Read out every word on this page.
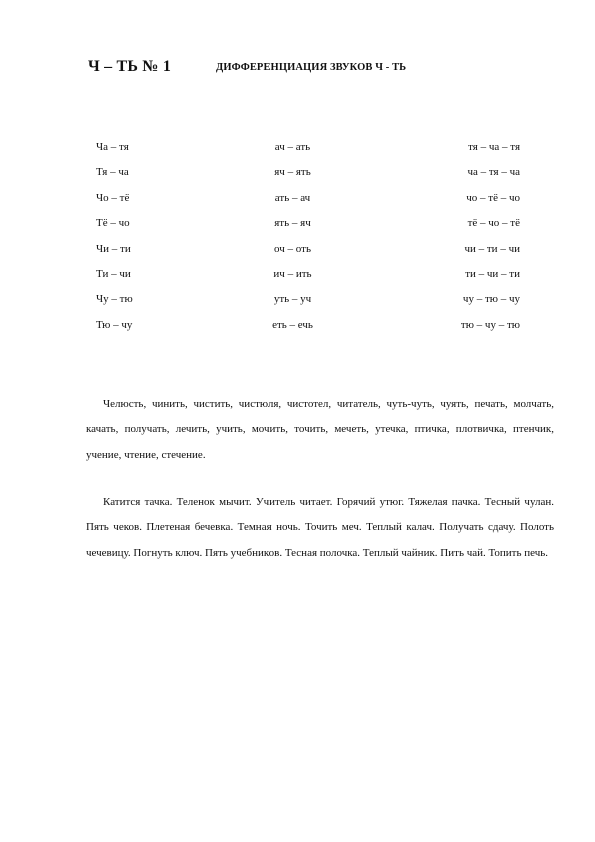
Ч – ТЬ № 1	ДИФФЕРЕНЦИАЦИЯ ЗВУКОВ Ч - ТЬ
Ча – тя	ач – ать	тя – ча – тя
Тя – ча	яч – ять	ча – тя – ча
Чо – тё	ать – ач	чо – тё – чо
Тё – чо	ять – яч	тё – чо – тё
Чи – ти	оч – оть	чи – ти – чи
Ти – чи	ич – ить	ти – чи – ти
Чу – тю	уть – уч	чу – тю – чу
Тю – чу	еть – ечь	тю – чу – тю

Челюсть, чинить, чистить, чистюля, чистотел, читатель, чуть-чуть, чуять, печать, молчать, качать, получать, лечить, учить, мочить, точить, мечеть, утечка, птичка, плотвичка, птенчик, учение, чтение, стечение.

Катится тачка. Теленок мычит. Учитель читает. Горячий утюг. Тяжелая пачка. Тесный чулан. Пять чеков. Плетеная бечевка. Темная ночь. Точить меч. Теплый калач. Получать сдачу. Полоть чечевицу. Погнуть ключ. Пять учебников. Тесная полочка. Теплый чайник. Пить чай. Топить печь.
